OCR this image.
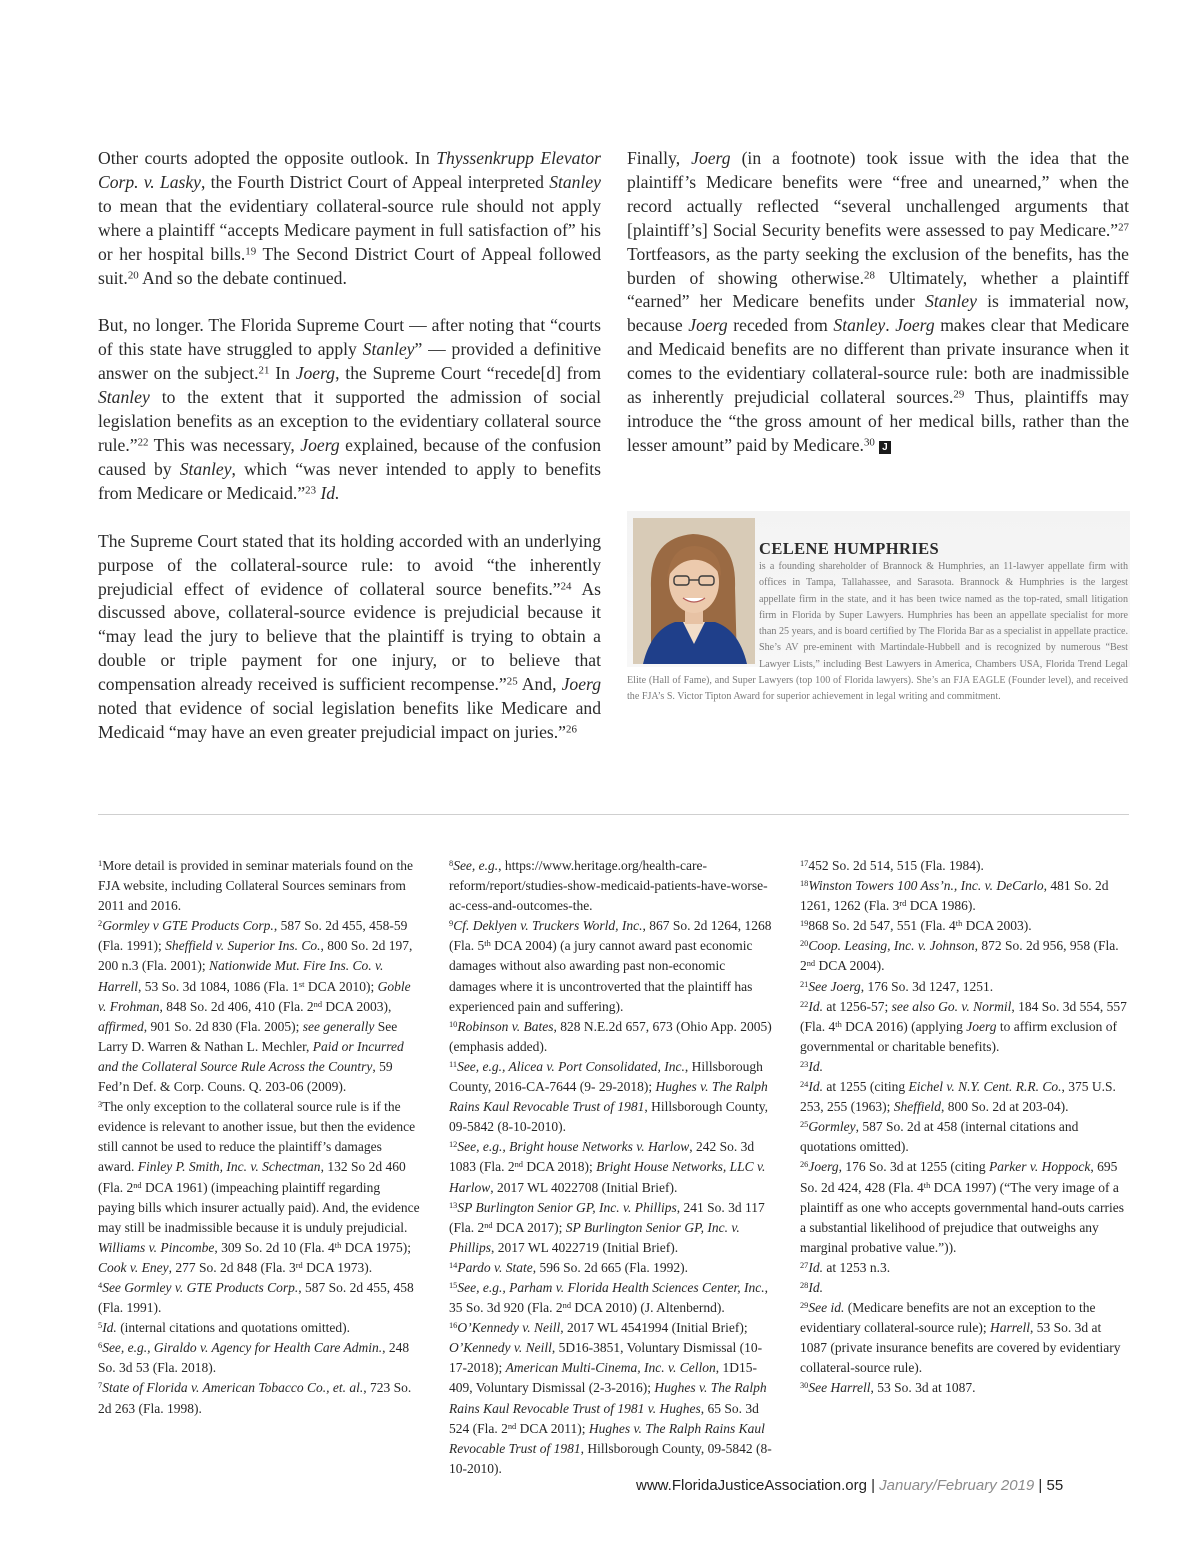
Other courts adopted the opposite outlook. In Thyssenkrupp Elevator Corp. v. Lasky, the Fourth District Court of Appeal interpreted Stanley to mean that the evidentiary collateral-source rule should not apply where a plaintiff “accepts Medicare payment in full satisfaction of” his or her hospital bills.$^{19}$ The Second District Court of Appeal followed suit.$^{20}$ And so the debate continued.

But, no longer. The Florida Supreme Court — after noting that “courts of this state have struggled to apply Stanley” — provided a definitive answer on the subject.$^{21}$ In Joerg, the Supreme Court “recede[d] from Stanley to the extent that it supported the admission of social legislation benefits as an exception to the evidentiary collateral source rule.”$^{22}$ This was necessary, Joerg explained, because of the confusion caused by Stanley, which “was never intended to apply to benefits from Medicare or Medicaid.”$^{23}$ Id.

The Supreme Court stated that its holding accorded with an underlying purpose of the collateral-source rule: to avoid “the inherently prejudicial effect of evidence of collateral source benefits.”$^{24}$ As discussed above, collateral-source evidence is prejudicial because it “may lead the jury to believe that the plaintiff is trying to obtain a double or triple payment for one injury, or to believe that compensation already received is sufficient recompense.”$^{25}$ And, Joerg noted that evidence of social legislation benefits like Medicare and Medicaid “may have an even greater prejudicial impact on juries.”$^{26}$

Finally, Joerg (in a footnote) took issue with the idea that the plaintiff’s Medicare benefits were “free and unearned,” when the record actually reflected “several unchallenged arguments that [plaintiff’s] Social Security benefits were assessed to pay Medicare.”$^{27}$ Tortfeasors, as the party seeking the exclusion of the benefits, has the burden of showing otherwise.$^{28}$ Ultimately, whether a plaintiff “earned” her Medicare benefits under Stanley is immaterial now, because Joerg receded from Stanley. Joerg makes clear that Medicare and Medicaid benefits are no different than private insurance when it comes to the evidentiary collateral-source rule: both are inadmissible as inherently prejudicial collateral sources.$^{29}$ Thus, plaintiffs may introduce the “the gross amount of her medical bills, rather than the lesser amount” paid by Medicare.$^{30}$ J

CELENE HUMPHRIES
is a founding shareholder of Brannock & Humphries, an 11-lawyer appellate firm with offices in Tampa, Tallahassee, and Sarasota. Brannock & Humphries is the largest appellate firm in the state, and it has been twice named as the top-rated, small litigation firm in Florida by Super Lawyers. Humphries has been an appellate specialist for more than 25 years, and is board certified by The Florida Bar as a specialist in appellate practice. She’s AV pre-eminent with Martindale-Hubbell and is recognized by numerous “Best Lawyer Lists,” including Best Lawyers in America, Chambers USA, Florida Trend Legal Elite (Hall of Fame), and Super Lawyers (top 100 of Florida lawyers). She’s an FJA EAGLE (Founder level), and received the FJA’s S. Victor Tipton Award for superior achievement in legal writing and commitment.

$^1$More detail is provided in seminar materials found on the FJA website, including Collateral Sources seminars from 2011 and 2016.

$^2$Gormley v GTE Products Corp., 587 So. 2d 455, 458-59 (Fla. 1991); Sheffield v. Superior Ins. Co., 800 So. 2d 197, 200 n.3 (Fla. 2001); Nationwide Mut. Fire Ins. Co. v. Harrell, 53 So. 3d 1084, 1086 (Fla. 1st DCA 2010); Goble v. Frohman, 848 So. 2d 406, 410 (Fla. 2nd DCA 2003), affirmed, 901 So. 2d 830 (Fla. 2005); see generally See Larry D. Warren & Nathan L. Mechler, Paid or Incurred and the Collateral Source Rule Across the Country, 59 Fed’n Def. & Corp. Couns. Q. 203-06 (2009).

$^3$The only exception to the collateral source rule is if the evidence is relevant to another issue, but then the evidence still cannot be used to reduce the plaintiff’s damages award. Finley P. Smith, Inc. v. Schectman, 132 So 2d 460 (Fla. 2nd DCA 1961) (impeaching plaintiff regarding paying bills which insurer actually paid). And, the evidence may still be inadmissible because it is unduly prejudicial. Williams v. Pincombe, 309 So. 2d 10 (Fla. 4th DCA 1975); Cook v. Eney, 277 So. 2d 848 (Fla. 3rd DCA 1973).

$^4$See Gormley v. GTE Products Corp., 587 So. 2d 455, 458 (Fla. 1991).

$^5$Id. (internal citations and quotations omitted).

$^6$See, e.g., Giraldo v. Agency for Health Care Admin., 248 So. 3d 53 (Fla. 2018).

$^7$State of Florida v. American Tobacco Co., et. al., 723 So. 2d 263 (Fla. 1998).

$^8$See, e.g., https://www.heritage.org/health-care-reform/report/studies-show-medicaid-patients-have-worse-ac-cess-and-outcomes-the.

$^9$Cf. Deklyen v. Truckers World, Inc., 867 So. 2d 1264, 1268 (Fla. 5th DCA 2004) (a jury cannot award past economic damages without also awarding past non-economic damages where it is uncontroverted that the plaintiff has experienced pain and suffering).

$^{10}$Robinson v. Bates, 828 N.E.2d 657, 673 (Ohio App. 2005) (emphasis added).

$^{11}$See, e.g., Alicea v. Port Consolidated, Inc., Hillsborough County, 2016-CA-7644 (9- 29-2018); Hughes v. The Ralph Rains Kaul Revocable Trust of 1981, Hillsborough County, 09-5842 (8-10-2010).

$^{12}$See, e.g., Bright house Networks v. Harlow, 242 So. 3d 1083 (Fla. 2nd DCA 2018); Bright House Networks, LLC v. Harlow, 2017 WL 4022708 (Initial Brief).

$^{13}$SP Burlington Senior GP, Inc. v. Phillips, 241 So. 3d 117 (Fla. 2nd DCA 2017); SP Burlington Senior GP, Inc. v. Phillips, 2017 WL 4022719 (Initial Brief).

$^{14}$Pardo v. State, 596 So. 2d 665 (Fla. 1992).

$^{15}$See, e.g., Parham v. Florida Health Sciences Center, Inc., 35 So. 3d 920 (Fla. 2nd DCA 2010) (J. Altenbernd).

$^{16}$O’Kennedy v. Neill, 2017 WL 4541994 (Initial Brief); O’Kennedy v. Neill, 5D16-3851, Voluntary Dismissal (10-17-2018); American Multi-Cinema, Inc. v. Cellon, 1D15-409, Voluntary Dismissal (2-3-2016); Hughes v. The Ralph Rains Kaul Revocable Trust of 1981 v. Hughes, 65 So. 3d 524 (Fla. 2nd DCA 2011); Hughes v. The Ralph Rains Kaul Revocable Trust of 1981, Hillsborough County, 09-5842 (8-10-2010).

$^{17}$452 So. 2d 514, 515 (Fla. 1984).

$^{18}$Winston Towers 100 Ass’n., Inc. v. DeCarlo, 481 So. 2d 1261, 1262 (Fla. 3rd DCA 1986).

$^{19}$868 So. 2d 547, 551 (Fla. 4th DCA 2003).

$^{20}$Coop. Leasing, Inc. v. Johnson, 872 So. 2d 956, 958 (Fla. 2nd DCA 2004).

$^{21}$See Joerg, 176 So. 3d 1247, 1251.

$^{22}$Id. at 1256-57; see also Go. v. Normil, 184 So. 3d 554, 557 (Fla. 4th DCA 2016) (applying Joerg to affirm exclusion of governmental or charitable benefits).

$^{23}$Id.

$^{24}$Id. at 1255 (citing Eichel v. N.Y. Cent. R.R. Co., 375 U.S. 253, 255 (1963); Sheffield, 800 So. 2d at 203-04).

$^{25}$Gormley, 587 So. 2d at 458 (internal citations and quotations omitted).

$^{26}$Joerg, 176 So. 3d at 1255 (citing Parker v. Hoppock, 695 So. 2d 424, 428 (Fla. 4th DCA 1997) (“The very image of a plaintiff as one who accepts governmental hand-outs carries a substantial likelihood of prejudice that outweighs any marginal probative value.”)).

$^{27}$Id. at 1253 n.3.

$^{28}$Id.

$^{29}$See id. (Medicare benefits are not an exception to the evidentiary collateral-source rule); Harrell, 53 So. 3d at 1087 (private insurance benefits are covered by evidentiary collateral-source rule).

$^{30}$See Harrell, 53 So. 3d at 1087.

www.FloridaJusticeAssociation.org | January/February 2019 | 55
